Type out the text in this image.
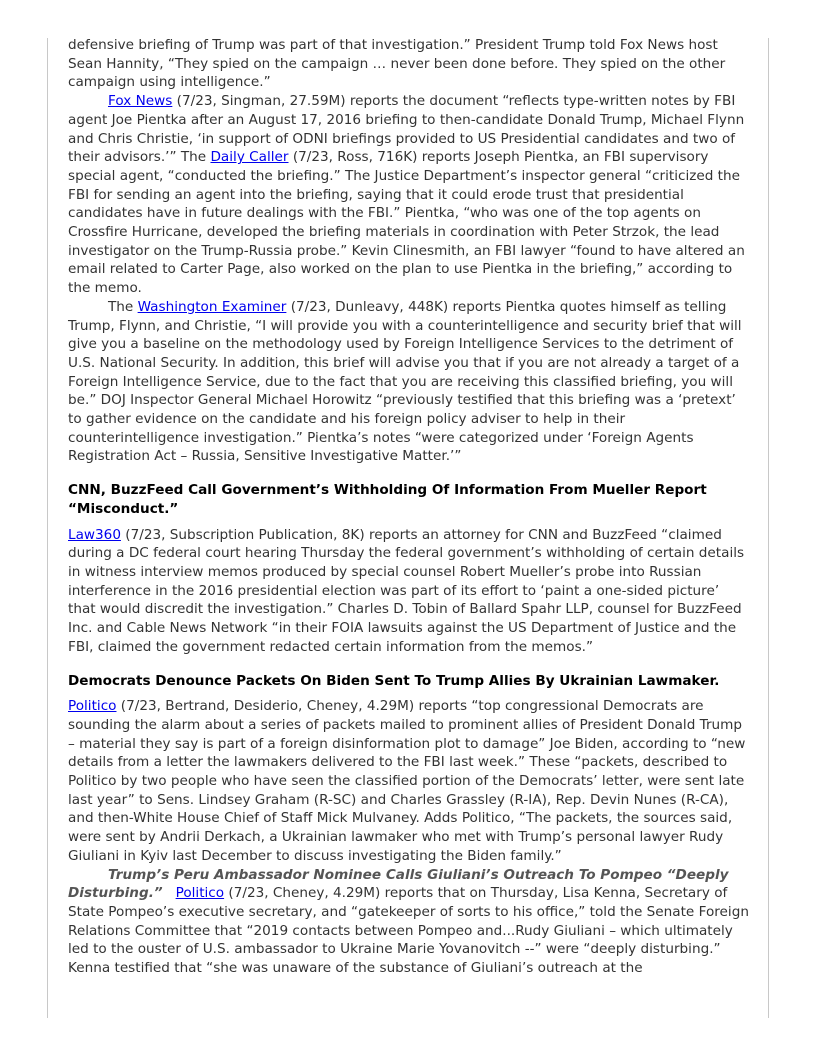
defensive briefing of Trump was part of that investigation.” President Trump told Fox News host Sean Hannity, “They spied on the campaign … never been done before. They spied on the other campaign using intelligence.”

Fox News (7/23, Singman, 27.59M) reports the document “reflects type-written notes by FBI agent Joe Pientka after an August 17, 2016 briefing to then-candidate Donald Trump, Michael Flynn and Chris Christie, ‘in support of ODNI briefings provided to US Presidential candidates and two of their advisors.’” The Daily Caller (7/23, Ross, 716K) reports Joseph Pientka, an FBI supervisory special agent, “conducted the briefing.” The Justice Department’s inspector general “criticized the FBI for sending an agent into the briefing, saying that it could erode trust that presidential candidates have in future dealings with the FBI.” Pientka, “who was one of the top agents on Crossfire Hurricane, developed the briefing materials in coordination with Peter Strzok, the lead investigator on the Trump-Russia probe.” Kevin Clinesmith, an FBI lawyer “found to have altered an email related to Carter Page, also worked on the plan to use Pientka in the briefing,” according to the memo.

The Washington Examiner (7/23, Dunleavy, 448K) reports Pientka quotes himself as telling Trump, Flynn, and Christie, “I will provide you with a counterintelligence and security brief that will give you a baseline on the methodology used by Foreign Intelligence Services to the detriment of U.S. National Security. In addition, this brief will advise you that if you are not already a target of a Foreign Intelligence Service, due to the fact that you are receiving this classified briefing, you will be.” DOJ Inspector General Michael Horowitz “previously testified that this briefing was a ‘pretext’ to gather evidence on the candidate and his foreign policy adviser to help in their counterintelligence investigation.” Pientka’s notes “were categorized under ‘Foreign Agents Registration Act – Russia, Sensitive Investigative Matter.’”

CNN, BuzzFeed Call Government’s Withholding Of Information From Mueller Report “Misconduct.”

Law360 (7/23, Subscription Publication, 8K) reports an attorney for CNN and BuzzFeed “claimed during a DC federal court hearing Thursday the federal government’s withholding of certain details in witness interview memos produced by special counsel Robert Mueller’s probe into Russian interference in the 2016 presidential election was part of its effort to ‘paint a one-sided picture’ that would discredit the investigation.” Charles D. Tobin of Ballard Spahr LLP, counsel for BuzzFeed Inc. and Cable News Network “in their FOIA lawsuits against the US Department of Justice and the FBI, claimed the government redacted certain information from the memos.”

Democrats Denounce Packets On Biden Sent To Trump Allies By Ukrainian Lawmaker.

Politico (7/23, Bertrand, Desiderio, Cheney, 4.29M) reports “top congressional Democrats are sounding the alarm about a series of packets mailed to prominent allies of President Donald Trump – material they say is part of a foreign disinformation plot to damage” Joe Biden, according to “new details from a letter the lawmakers delivered to the FBI last week.” These “packets, described to Politico by two people who have seen the classified portion of the Democrats’ letter, were sent late last year” to Sens. Lindsey Graham (R-SC) and Charles Grassley (R-IA), Rep. Devin Nunes (R-CA), and then-White House Chief of Staff Mick Mulvaney. Adds Politico, “The packets, the sources said, were sent by Andrii Derkach, a Ukrainian lawmaker who met with Trump’s personal lawyer Rudy Giuliani in Kyiv last December to discuss investigating the Biden family.”

Trump’s Peru Ambassador Nominee Calls Giuliani’s Outreach To Pompeo “Deeply Disturbing.” Politico (7/23, Cheney, 4.29M) reports that on Thursday, Lisa Kenna, Secretary of State Pompeo’s executive secretary, and “gatekeeper of sorts to his office,” told the Senate Foreign Relations Committee that “2019 contacts between Pompeo and...Rudy Giuliani – which ultimately led to the ouster of U.S. ambassador to Ukraine Marie Yovanovitch --” were “deeply disturbing.” Kenna testified that “she was unaware of the substance of Giuliani’s outreach at the
